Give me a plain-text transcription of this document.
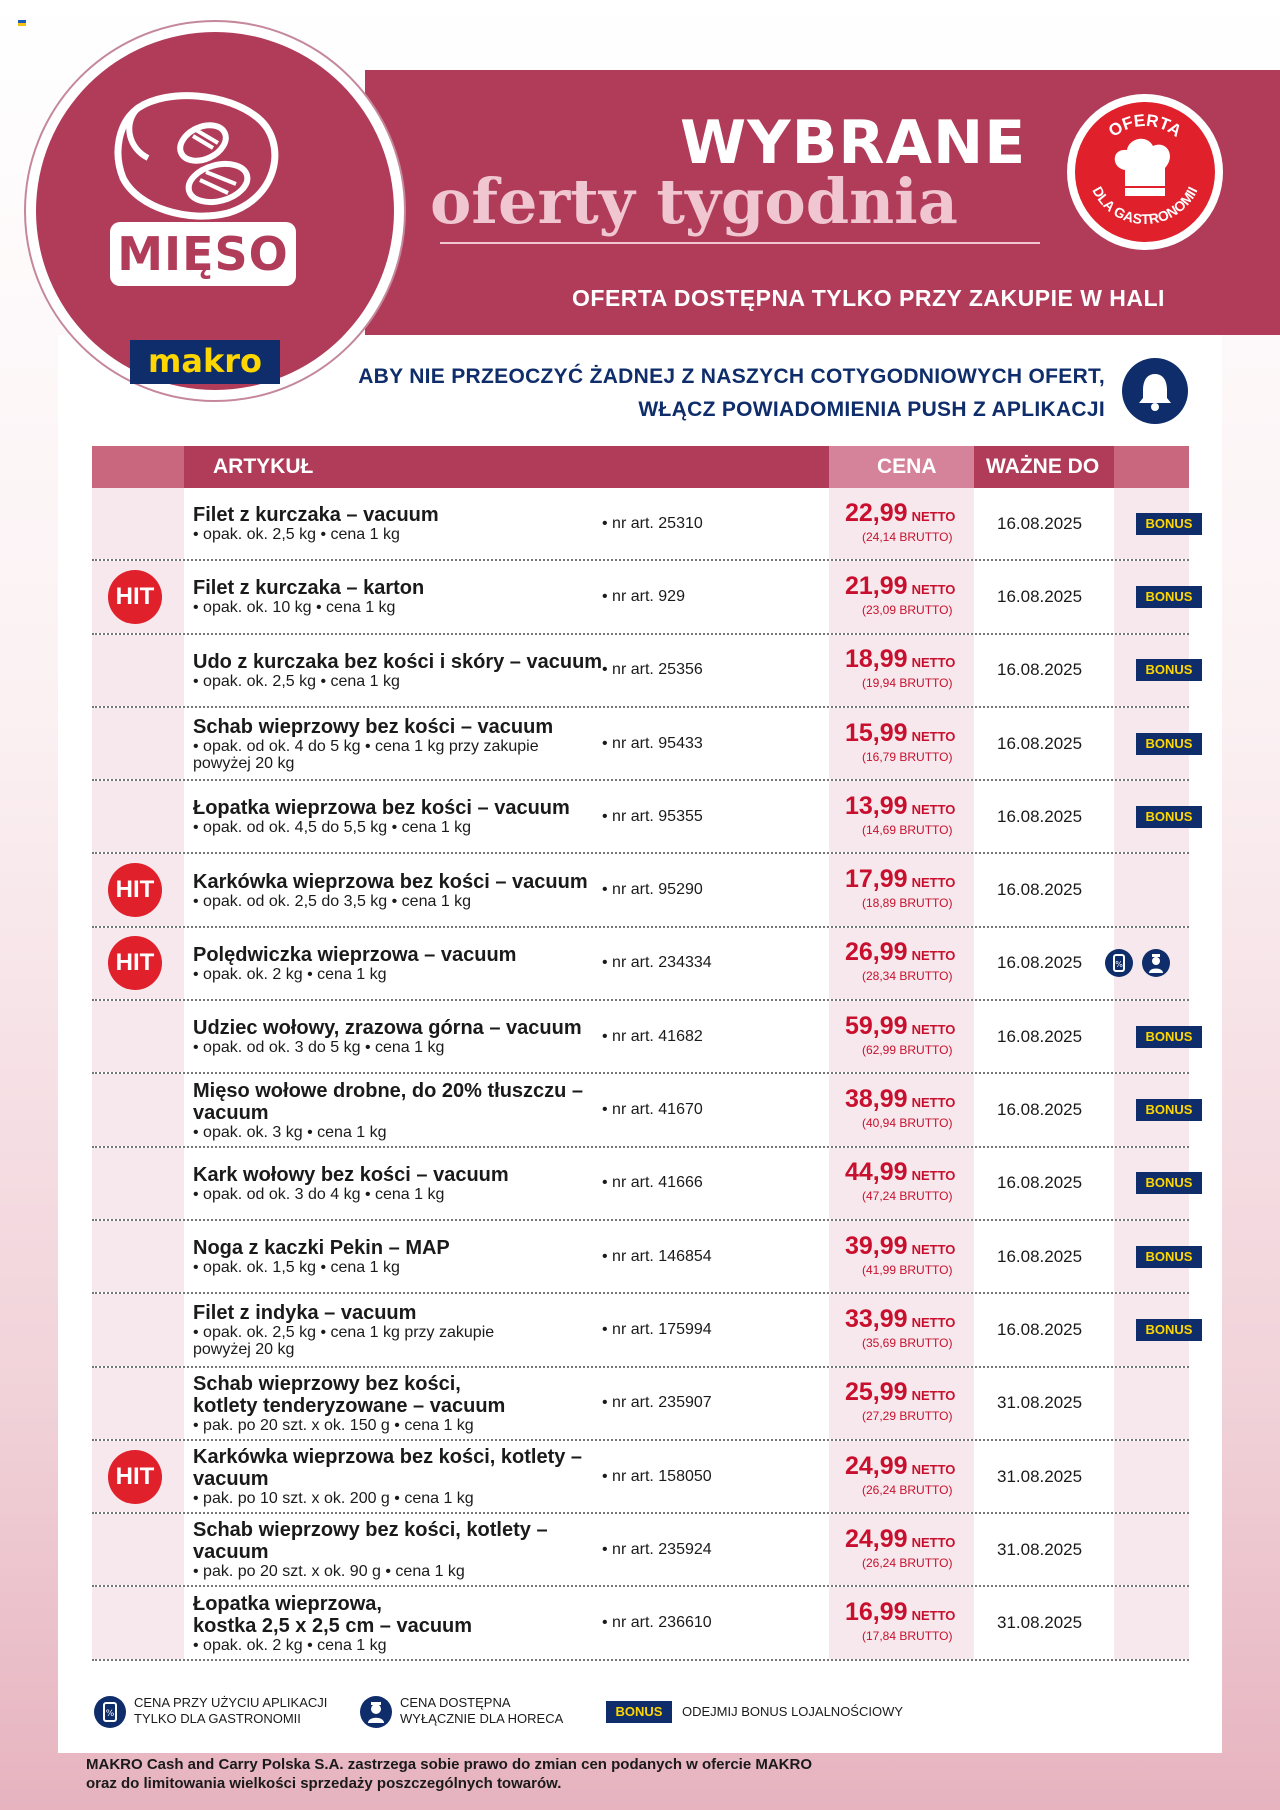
MIĘSO
makro
WYBRANE
oferty tygodnia
OFERTA DOSTĘPNA TYLKO PRZY ZAKUPIE W HALI
OFERTA
DLA GASTRONOMII
ABY NIE PRZEOCZYĆ ŻADNEJ Z NASZYCH COTYGODNIOWYCH OFERT,
WŁĄCZ POWIADOMIENIA PUSH Z APLIKACJI
ARTYKUŁ	CENA WAŻNE DO
Filet z kurczaka – vacuum
• opak. ok. 2,5 kg • cena 1 kg
• nr art. 25310	22,99 NETTO
(24,14 BRUTTO)
16.08.2025	BONUS
HIT	Filet z kurczaka – karton
• opak. ok. 10 kg • cena 1 kg
• nr art. 929	21,99 NETTO
(23,09 BRUTTO)
16.08.2025	BONUS
Udo z kurczaka bez kości i skóry – vacuum
• opak. ok. 2,5 kg • cena 1 kg
• nr art. 25356	18,99 NETTO
(19,94 BRUTTO)
16.08.2025	BONUS
Schab wieprzowy bez kości – vacuum
• opak. od ok. 4 do 5 kg • cena 1 kg przy zakupie
powyżej 20 kg
• nr art. 95433	15,99 NETTO
(16,79 BRUTTO)
16.08.2025	BONUS
Łopatka wieprzowa bez kości – vacuum
• opak. od ok. 4,5 do 5,5 kg • cena 1 kg
• nr art. 95355	13,99 NETTO
(14,69 BRUTTO)
16.08.2025	BONUS
HIT	Karkówka wieprzowa bez kości – vacuum
• opak. od ok. 2,5 do 3,5 kg • cena 1 kg
• nr art. 95290	17,99 NETTO
(18,89 BRUTTO)
16.08.2025
HIT	Polędwiczka wieprzowa – vacuum
• opak. ok. 2 kg • cena 1 kg
• nr art. 234334	26,99 NETTO
(28,34 BRUTTO)
16.08.2025	%
Udziec wołowy, zrazowa górna – vacuum
• opak. od ok. 3 do 5 kg • cena 1 kg
• nr art. 41682	59,99 NETTO
(62,99 BRUTTO)
16.08.2025	BONUS
Mięso wołowe drobne, do 20% tłuszczu – vacuum
• opak. ok. 3 kg • cena 1 kg
• nr art. 41670	38,99 NETTO
(40,94 BRUTTO)
16.08.2025	BONUS
Kark wołowy bez kości – vacuum
• opak. od ok. 3 do 4 kg • cena 1 kg
• nr art. 41666	44,99 NETTO
(47,24 BRUTTO)
16.08.2025	BONUS
Noga z kaczki Pekin – MAP
• opak. ok. 1,5 kg • cena 1 kg
• nr art. 146854	39,99 NETTO
(41,99 BRUTTO)
16.08.2025	BONUS
Filet z indyka – vacuum
• opak. ok. 2,5 kg • cena 1 kg przy zakupie
powyżej 20 kg
• nr art. 175994	33,99 NETTO
(35,69 BRUTTO)
16.08.2025	BONUS
Schab wieprzowy bez kości,
kotlety tenderyzowane – vacuum
• pak. po 20 szt. x ok. 150 g • cena 1 kg
• nr art. 235907	25,99 NETTO
(27,29 BRUTTO)
31.08.2025
HIT
Karkówka wieprzowa bez kości, kotlety – vacuum
• pak. po 10 szt. x ok. 200 g • cena 1 kg
• nr art. 158050	24,99 NETTO
(26,24 BRUTTO)
31.08.2025
Schab wieprzowy bez kości, kotlety – vacuum
• pak. po 20 szt. x ok. 90 g • cena 1 kg
• nr art. 235924	24,99 NETTO
(26,24 BRUTTO)
31.08.2025
Łopatka wieprzowa,
kostka 2,5 x 2,5 cm – vacuum
• opak. ok. 2 kg • cena 1 kg
• nr art. 236610	16,99 NETTO
(17,84 BRUTTO)
31.08.2025
%
CENA PRZY UŻYCIU APLIKACJI
TYLKO DLA GASTRONOMII
CENA DOSTĘPNA
WYŁĄCZNIE DLA HORECA	BONUS	ODEJMIJ BONUS LOJALNOŚCIOWY
MAKRO Cash and Carry Polska S.A. zastrzega sobie prawo do zmian cen podanych w ofercie MAKRO
oraz do limitowania wielkości sprzedaży poszczególnych towarów.
